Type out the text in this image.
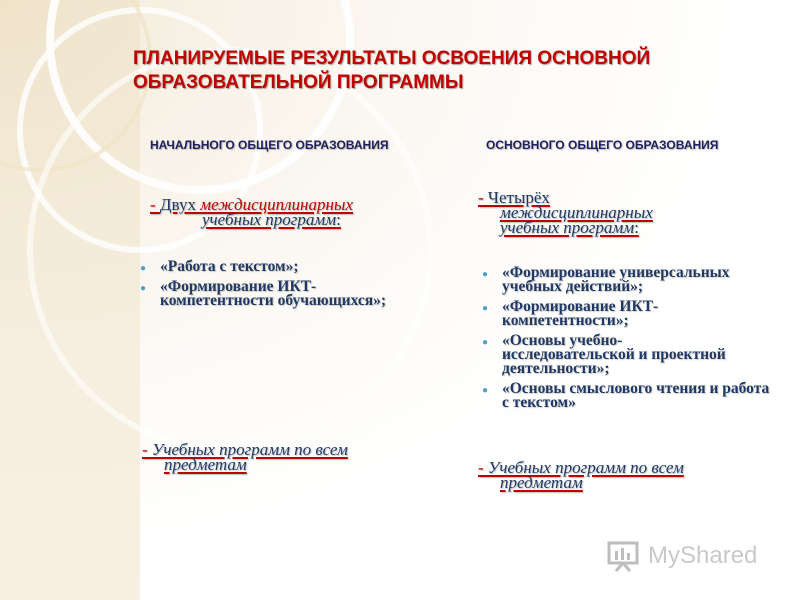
ПЛАНИРУЕМЫЕ РЕЗУЛЬТАТЫ ОСВОЕНИЯ ОСНОВНОЙ
ОБРАЗОВАТЕЛЬНОЙ ПРОГРАММЫ
НАЧАЛЬНОГО ОБЩЕГО ОБРАЗОВАНИЯ	ОСНОВНОГО ОБЩЕГО ОБРАЗОВАНИЯ
- Двух междисциплинарных
учебных программ:
● «Работа с текстом»;
● «Формирование ИКТ-компетентности обучающихся»;
- Учебных программ по всем
предметам
- Четырёх
междисциплинарных
учебных программ:
● «Формирование универсальных учебных действий»;
● «Формирование ИКТ-компетентности»;
● «Основы учебно-исследовательской и проектной деятельности»;
● «Основы смыслового чтения и работа с текстом»
- Учебных программ по всем
предметам
MyShared
